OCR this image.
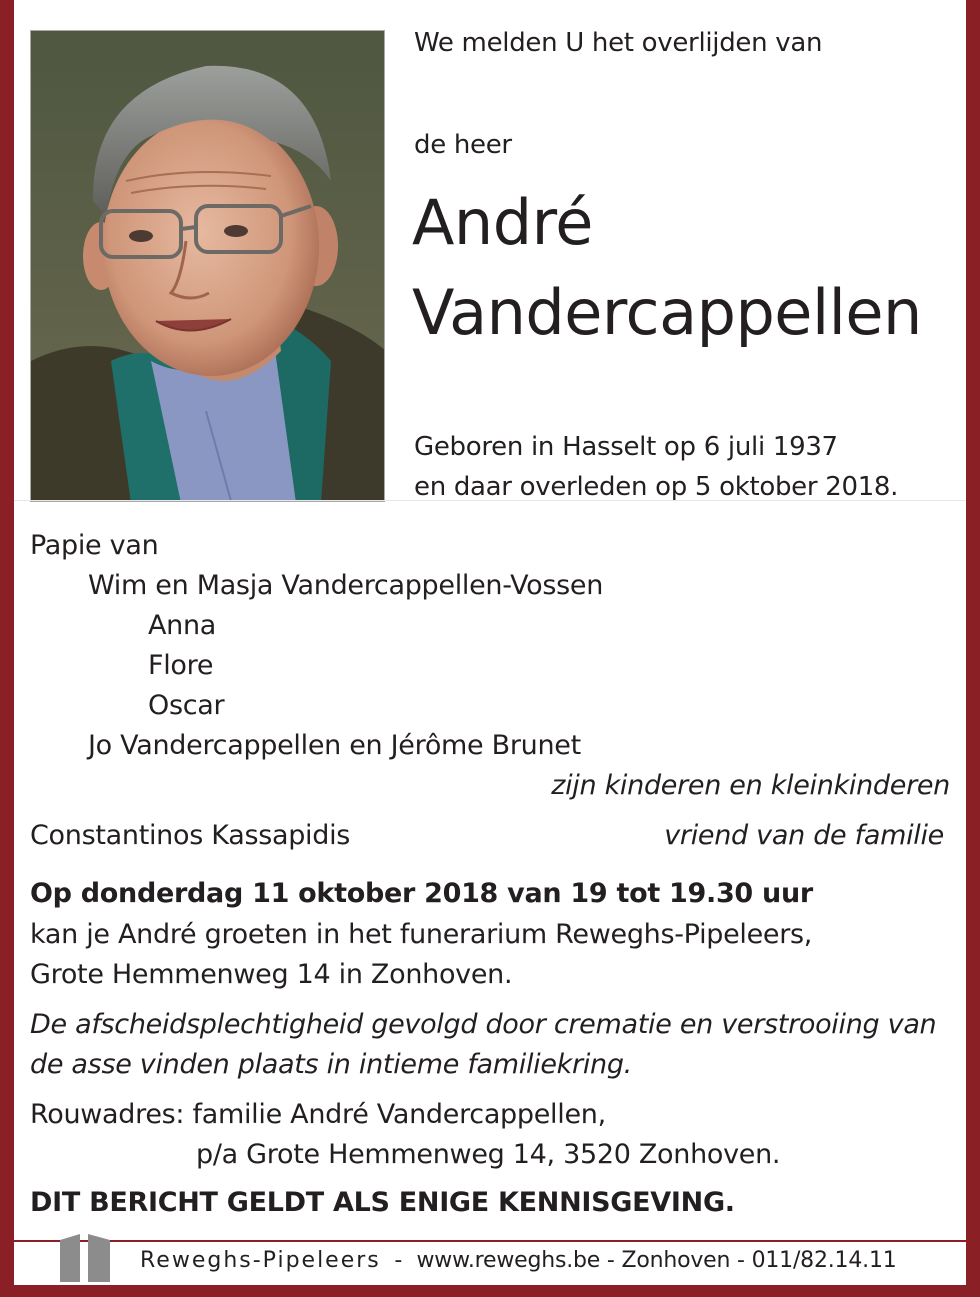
We melden U het overlijden van
de heer
André
Vandercappellen
Geboren in Hasselt op 6 juli 1937
en daar overleden op 5 oktober 2018.
Papie van
Wim en Masja Vandercappellen-Vossen
Anna
Flore
Oscar
Jo Vandercappellen en Jérôme Brunet
zijn kinderen en kleinkinderen
Constantinos Kassapidis	vriend van de familie
Op donderdag 11 oktober 2018 van 19 tot 19.30 uur
kan je André groeten in het funerarium Reweghs-Pipeleers,
Grote Hemmenweg 14 in Zonhoven.
De afscheidsplechtigheid gevolgd door crematie en verstrooiing van
de asse vinden plaats in intieme familiekring.
Rouwadres: familie André Vandercappellen,
p/a Grote Hemmenweg 14, 3520 Zonhoven.
DIT BERICHT GELDT ALS ENIGE KENNISGEVING.
Reweghs-Pipeleers - www.reweghs.be - Zonhoven - 011/82.14.11
